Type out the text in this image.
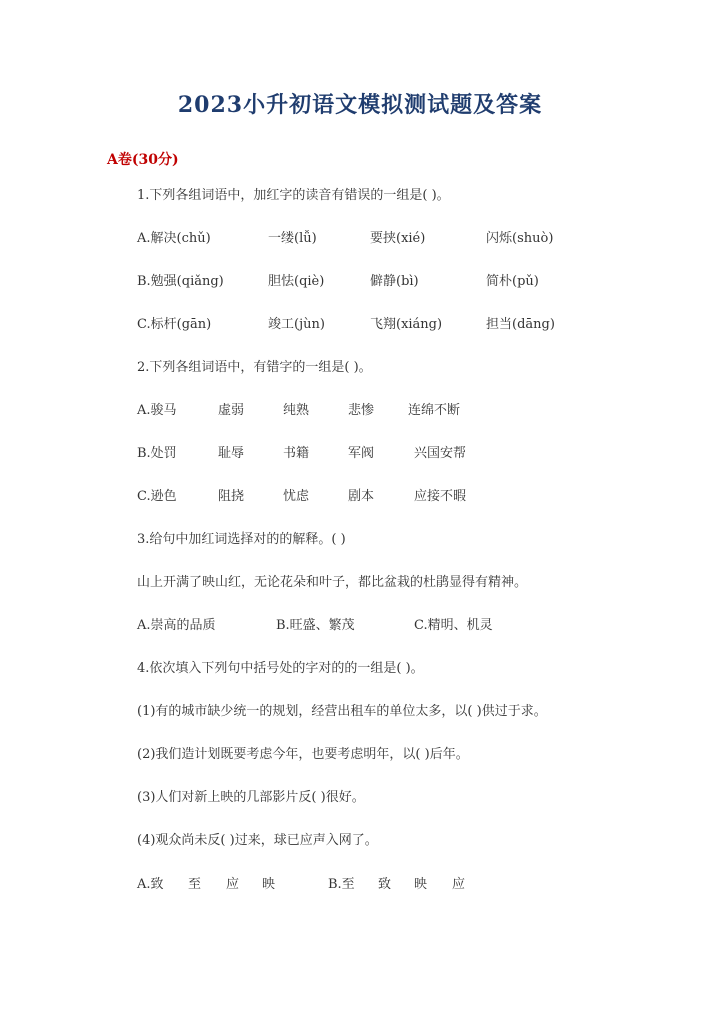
2023小升初语文模拟测试题及答案
A卷(30分)
1.下列各组词语中，加红字的读音有错误的一组是( )。
A.解决(chǔ)	一缕(lǚ)	要挟(xié)	闪烁(shuò)
B.勉强(qiǎng)	胆怯(qiè)	僻静(bì)	简朴(pǔ)
C.标杆(gān)	竣工(jùn)	飞翔(xiáng)	担当(dāng)
2.下列各组词语中，有错字的一组是( )。
A.骏马	虚弱	纯熟	悲惨	连绵不断
B.处罚	耻辱	书籍	军阀	兴国安帮
C.逊色	阻挠	忧虑	剧本	应接不暇
3.给句中加红词选择对的的解释。( )
山上开满了映山红，无论花朵和叶子，都比盆栽的杜鹃显得有精神。
A.崇高的品质	B.旺盛、繁茂	C.精明、机灵
4.依次填入下列句中括号处的字对的的一组是( )。
(1)有的城市缺少统一的规划，经营出租车的单位太多，以( )供过于求。
(2)我们造计划既要考虑今年，也要考虑明年，以( )后年。
(3)人们对新上映的几部影片反( )很好。
(4)观众尚未反( )过来，球已应声入网了。
A.致 至 应 映	B.至 致 映 应
